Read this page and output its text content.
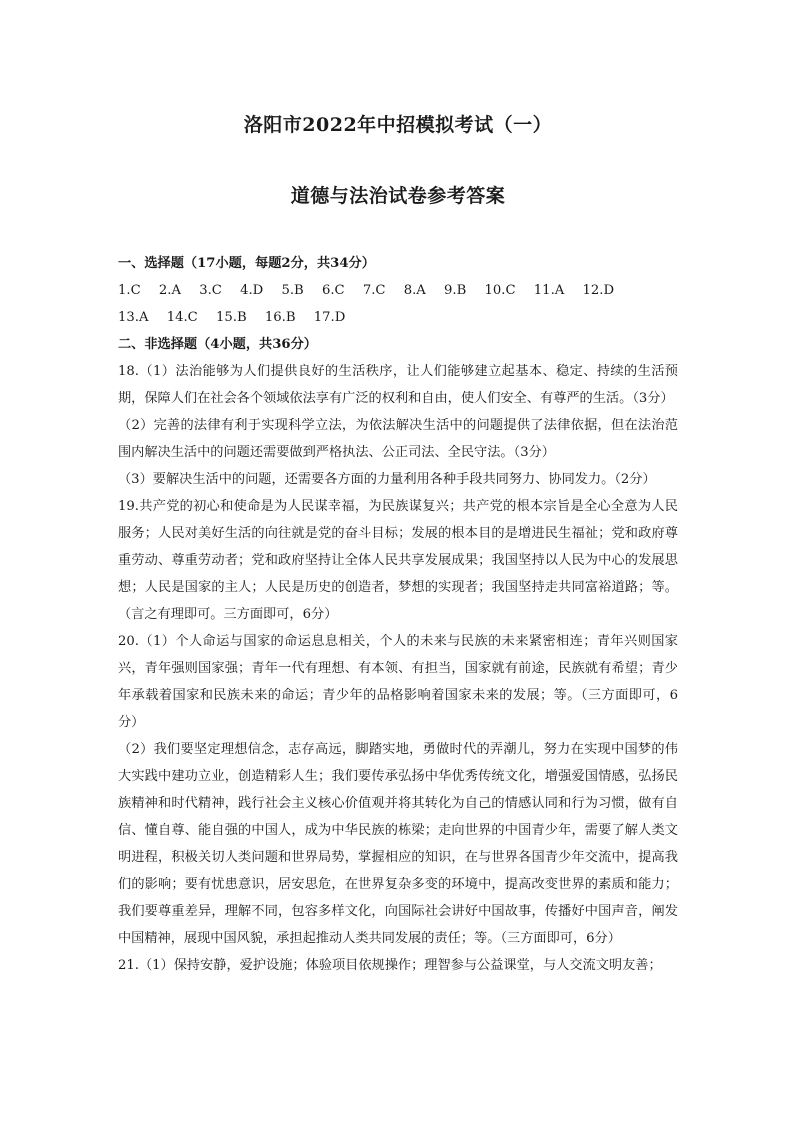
洛阳市2022年中招模拟考试（一）
道德与法治试卷参考答案

一、选择题（17小题，每题2分，共34分）

1.C 2.A 3.C 4.D 5.B 6.C 7.C 8.A 9.B 10.C 11.A 12.D

13.A 14.C 15.B 16.B 17.D

二、非选择题（4小题，共36分）

18.（1）法治能够为人们提供良好的生活秩序，让人们能够建立起基本、稳定、持续的生活预期，保障人们在社会各个领域依法享有广泛的权利和自由，使人们安全、有尊严的生活。（3分）

（2）完善的法律有利于实现科学立法，为依法解决生活中的问题提供了法律依据，但在法治范围内解决生活中的问题还需要做到严格执法、公正司法、全民守法。（3分）

（3）要解决生活中的问题，还需要各方面的力量利用各种手段共同努力、协同发力。（2分）

19.共产党的初心和使命是为人民谋幸福，为民族谋复兴；共产党的根本宗旨是全心全意为人民服务；人民对美好生活的向往就是党的奋斗目标；发展的根本目的是增进民生福祉；党和政府尊重劳动、尊重劳动者；党和政府坚持让全体人民共享发展成果；我国坚持以人民为中心的发展思想；人民是国家的主人；人民是历史的创造者，梦想的实现者；我国坚持走共同富裕道路；等。（言之有理即可。三方面即可，6分）

20.（1）个人命运与国家的命运息息相关，个人的未来与民族的未来紧密相连；青年兴则国家兴，青年强则国家强；青年一代有理想、有本领、有担当，国家就有前途，民族就有希望；青少年承载着国家和民族未来的命运；青少年的品格影响着国家未来的发展；等。（三方面即可，6分）

（2）我们要坚定理想信念，志存高远，脚踏实地，勇做时代的弄潮儿，努力在实现中国梦的伟大实践中建功立业，创造精彩人生；我们要传承弘扬中华优秀传统文化，增强爱国情感，弘扬民族精神和时代精神，践行社会主义核心价值观并将其转化为自己的情感认同和行为习惯，做有自信、懂自尊、能自强的中国人，成为中华民族的栋梁；走向世界的中国青少年，需要了解人类文明进程，积极关切人类问题和世界局势，掌握相应的知识，在与世界各国青少年交流中，提高我们的影响；要有忧患意识，居安思危，在世界复杂多变的环境中，提高改变世界的素质和能力；我们要尊重差异，理解不同，包容多样文化，向国际社会讲好中国故事，传播好中国声音，阐发中国精神，展现中国风貌，承担起推动人类共同发展的责任；等。（三方面即可，6分）

21.（1）保持安静，爱护设施；体验项目依规操作；理智参与公益课堂，与人交流文明友善；
